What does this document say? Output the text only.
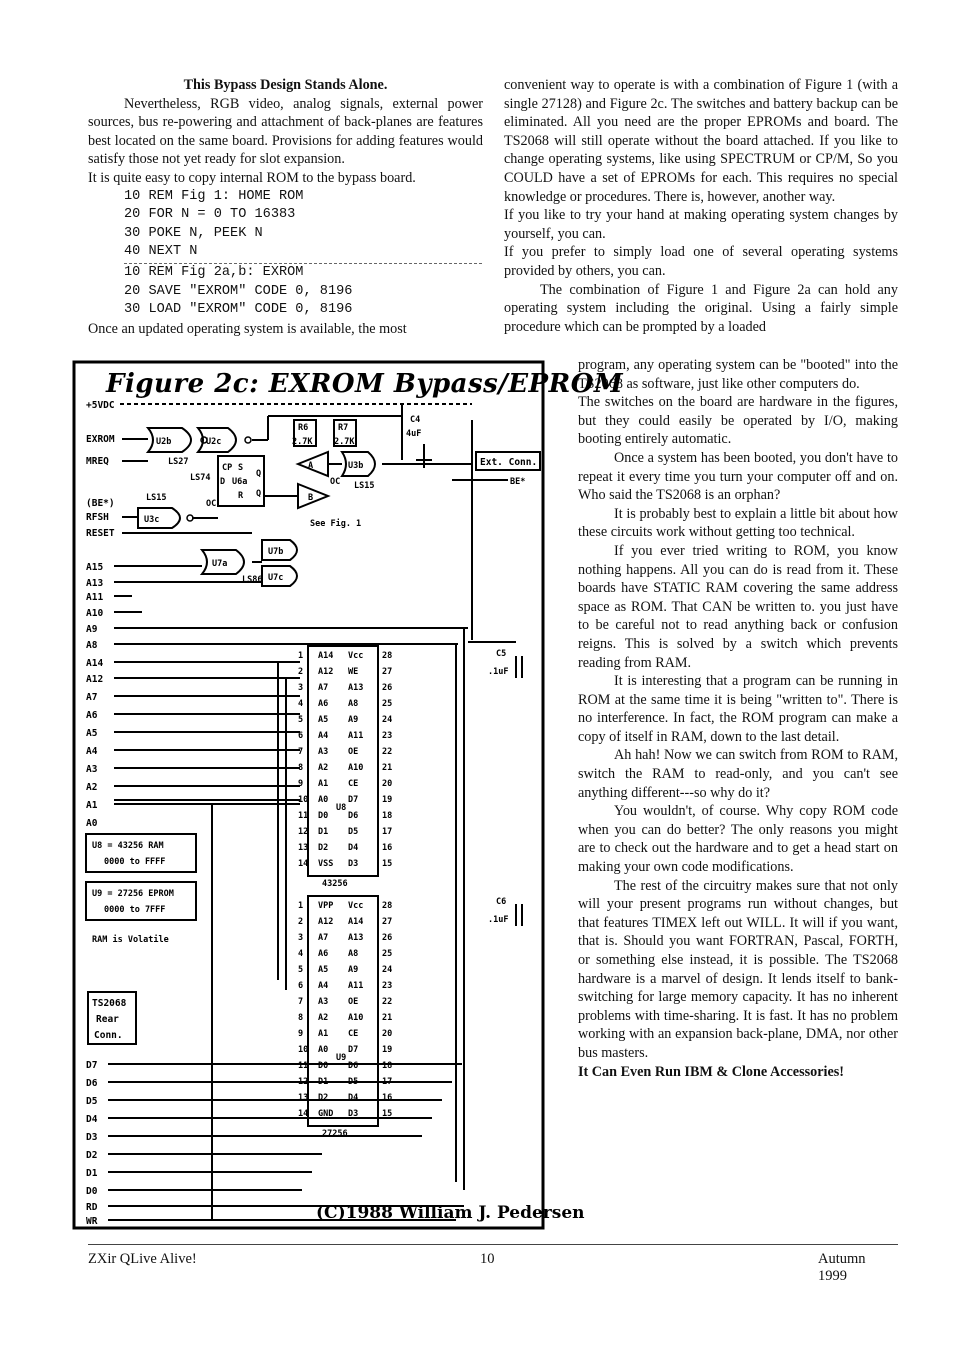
This Bypass Design Stands Alone.

Nevertheless, RGB video, analog signals, external power sources, bus re-powering and attachment of back-planes are features best located on the same board. Provisions for adding features would satisfy those not yet ready for slot expansion.

It is quite easy to copy internal ROM to the bypass board.

10 REM Fig 1: HOME ROM
20 FOR N = 0 TO 16383
30 POKE N, PEEK N
40 NEXT N
10 REM Fig 2a,b: EXROM
20 SAVE "EXROM" CODE 0, 8196
30 LOAD "EXROM" CODE 0, 8196

Once an updated operating system is available, the most

convenient way to operate is with a combination of Figure 1 (with a single 27128) and Figure 2c. The switches and battery backup can be eliminated. All you need are the proper EPROMs and board. The TS2068 will still operate without the board attached. If you like to change operating systems, like using SPECTRUM or CP/M, So you COULD have a set of EPROMs for each. This requires no special knowledge or procedures. There is, however, another way.

If you like to try your hand at making operating system changes by yourself, you can.

If you prefer to simply load one of several operating systems provided by others, you can.

The combination of Figure 1 and Figure 2a can hold any operating system including the original. Using a fairly simple procedure which can be prompted by a loaded

program, any operating system can be "booted" into the TS2068 as software, just like other computers do.

The switches on the board are hardware in the figures, but they could easily be operated by I/O, making booting entirely automatic.

Once a system has been booted, you don't have to repeat it every time you turn your computer off and on. Who said the TS2068 is an orphan?

It is probably best to explain a little bit about how these circuits work without getting too technical.

If you ever tried writing to ROM, you know nothing happens. All you can do is read from it. These boards have STATIC RAM covering the same address space as ROM. That CAN be written to. you just have to be careful not to read anything back or confusion reigns. This is solved by a switch which prevents reading from RAM.

It is interesting that a program can be running in ROM at the same time it is being "written to". There is no interference. In fact, the ROM program can make a copy of itself in RAM, down to the last detail.

Ah hah! Now we can switch from ROM to RAM, switch the RAM to read-only, and you can't see anything different---so why do it?

You wouldn't, of course. Why copy ROM code when you can do better? The only reasons you might are to check out the hardware and to get a head start on making your own code modifications.

The rest of the circuitry makes sure that not only will your present programs run without changes, but that features TIMEX left out WILL. It will if you want, that is. Should you want FORTRAN, Pascal, FORTH, or something else instead, it is possible. The TS2068 hardware is a marvel of design. It lends itself to bank-switching for large memory capacity. It has no inherent problems with time-sharing. It is fast. It has no problem working with an expansion back-plane, DMA, nor other bus masters.

It Can Even Run IBM & Clone Accessories!

Figure 2c: EXROM Bypass/EPROM
+5VDC
EXROM
MREQ
(BE*)
RFSH
RESET
U2b	U2c
LS27
CP S
Q
D U6a
R Q
LS74
LS15
OC
U3c
R6
2.7K
R7
2.7K
C4
4uF
A	U3b
OC LS15
B
Ext. Conn.
BE*
See Fig. 1
U7a
U7b
U7c
LS86
A15
A13
A11
A10
A9
A8
A14
A12
A7
A6
A5
A4
A3
A2
A1
A0
43256
U8
1 A14 Vcc 28
2 A12 WE	27
3 A7 A13 26
4 A6 A8	25
5 A5 A9	24
6 A4 A11 23
7 A3 OE	22
8 A2 A10 21
9 A1 CE	20
10 A0 D7	19
11 D0 D6	18
12 D1 D5	17
13 D2 D4	16
14 VSS D3	15
27256
U9
1 VPP Vcc 28
2 A12 A14 27
3 A7 A13 26
4 A6 A8	25
5 A5 A9	24
6 A4 A11 23
7 A3 OE	22
8 A2 A10 21
9 A1 CE	20
10 A0 D7	19
11 D0 D6	18
12 D1 D5	17
13 D2 D4	16
14 GND D3	15
C5
.1uF
C6
.1uF
U8 = 43256 RAM
0000 to FFFF
U9 = 27256 EPROM
0000 to 7FFF
RAM is Volatile
TS2068
Rear
Conn.
D7
D6
D5
D4
D3
D2
D1
D0
RD
WR	(C)1988 William J. Pedersen
ZXir QLive Alive!	10	Autumn 1999
